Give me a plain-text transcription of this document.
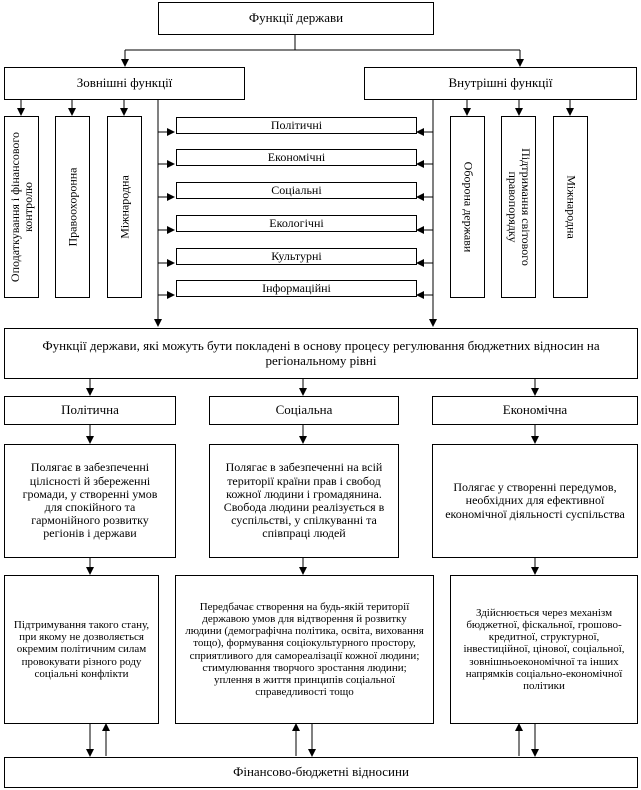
Функції держави
Зовнішні функції	Внутрішні функції
Оподаткування і фінансового контролю	Правоохоронна	Міжнародна	Оборона держави	Підтримання світового правопорядку	Міжнародна
Політичні
Економічні
Соціальні
Екологічні
Культурні
Інформаційні
Функції держави, які можуть бути покладені в основу процесу регулювання бюджетних відносин на регіональному рівні
Політична	Соціальна	Економічна
Полягає в забезпеченні цілісності й збереженні громади, у створенні умов для спокійного та гармонійного розвитку регіонів і держави
Полягає в забезпеченні на всій території країни прав і свобод кожної людини і громадянина. Свобода людини реалізується в суспільстві, у спілкуванні та співпраці людей
Полягає у створенні передумов, необхідних для ефективної економічної діяльності суспільства
Підтримування такого стану, при якому не дозволяється окремим політичним силам провокувати різного роду соціальні конфлікти
Передбачає створення на будь-якій території державою умов для відтворення й розвитку людини (демографічна політика, освіта, виховання тощо), формування соціокультурного простору, сприятливого для самореалізації кожної людини; стимулювання творчого зростання людини; уплення в життя принципів соціальної справедливості тощо
Здійснюється через механізм бюджетної, фіскальної, грошово-кредитної, структурної, інвестиційної, цінової, соціальної, зовнішньоекономічної та інших напрямків соціально-економічної політики
Фінансово-бюджетні відносини
